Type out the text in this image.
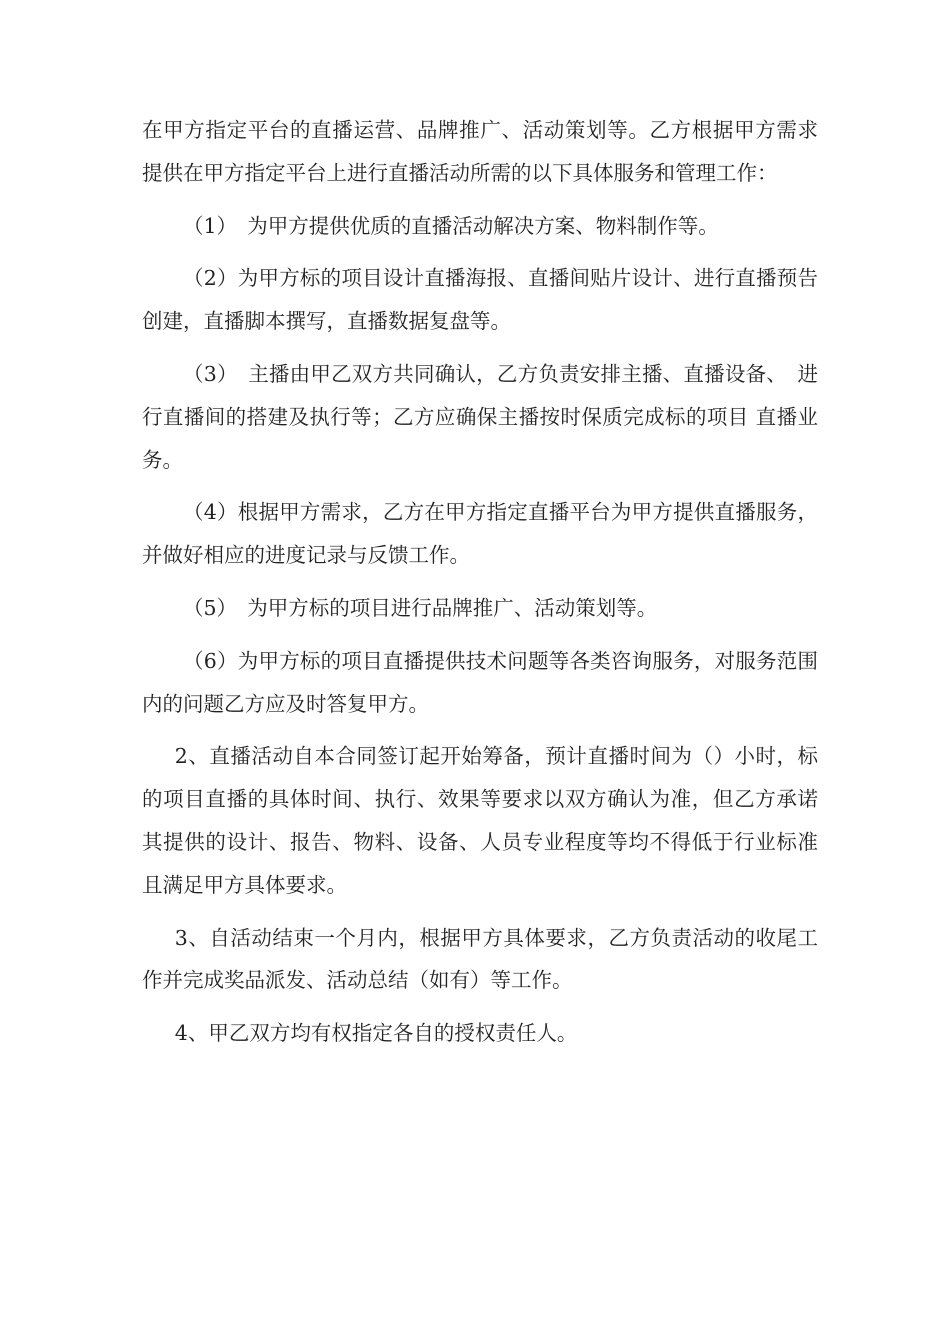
在甲方指定平台的直播运营、品牌推广、活动策划等。乙方根据甲方需求提供在甲方指定平台上进行直播活动所需的以下具体服务和管理工作：

（1）　为甲方提供优质的直播活动解决方案、物料制作等。

（2）为甲方标的项目设计直播海报、直播间贴片设计、进行直播预告创建，直播脚本撰写，直播数据复盘等。

（3）　主播由甲乙双方共同确认，乙方负责安排主播、直播设备、　进行直播间的搭建及执行等；乙方应确保主播按时保质完成标的项目 直播业务。

（4）根据甲方需求，乙方在甲方指定直播平台为甲方提供直播服务，并做好相应的进度记录与反馈工作。

（5）　为甲方标的项目进行品牌推广、活动策划等。

（6）为甲方标的项目直播提供技术问题等各类咨询服务，对服务范围内的问题乙方应及时答复甲方。

2、直播活动自本合同签订起开始筹备，预计直播时间为（）小时，标的项目直播的具体时间、执行、效果等要求以双方确认为准，但乙方承诺其提供的设计、报告、物料、设备、人员专业程度等均不得低于行业标准且满足甲方具体要求。

3、自活动结束一个月内，根据甲方具体要求，乙方负责活动的收尾工作并完成奖品派发、活动总结（如有）等工作。

4、甲乙双方均有权指定各自的授权责任人。
